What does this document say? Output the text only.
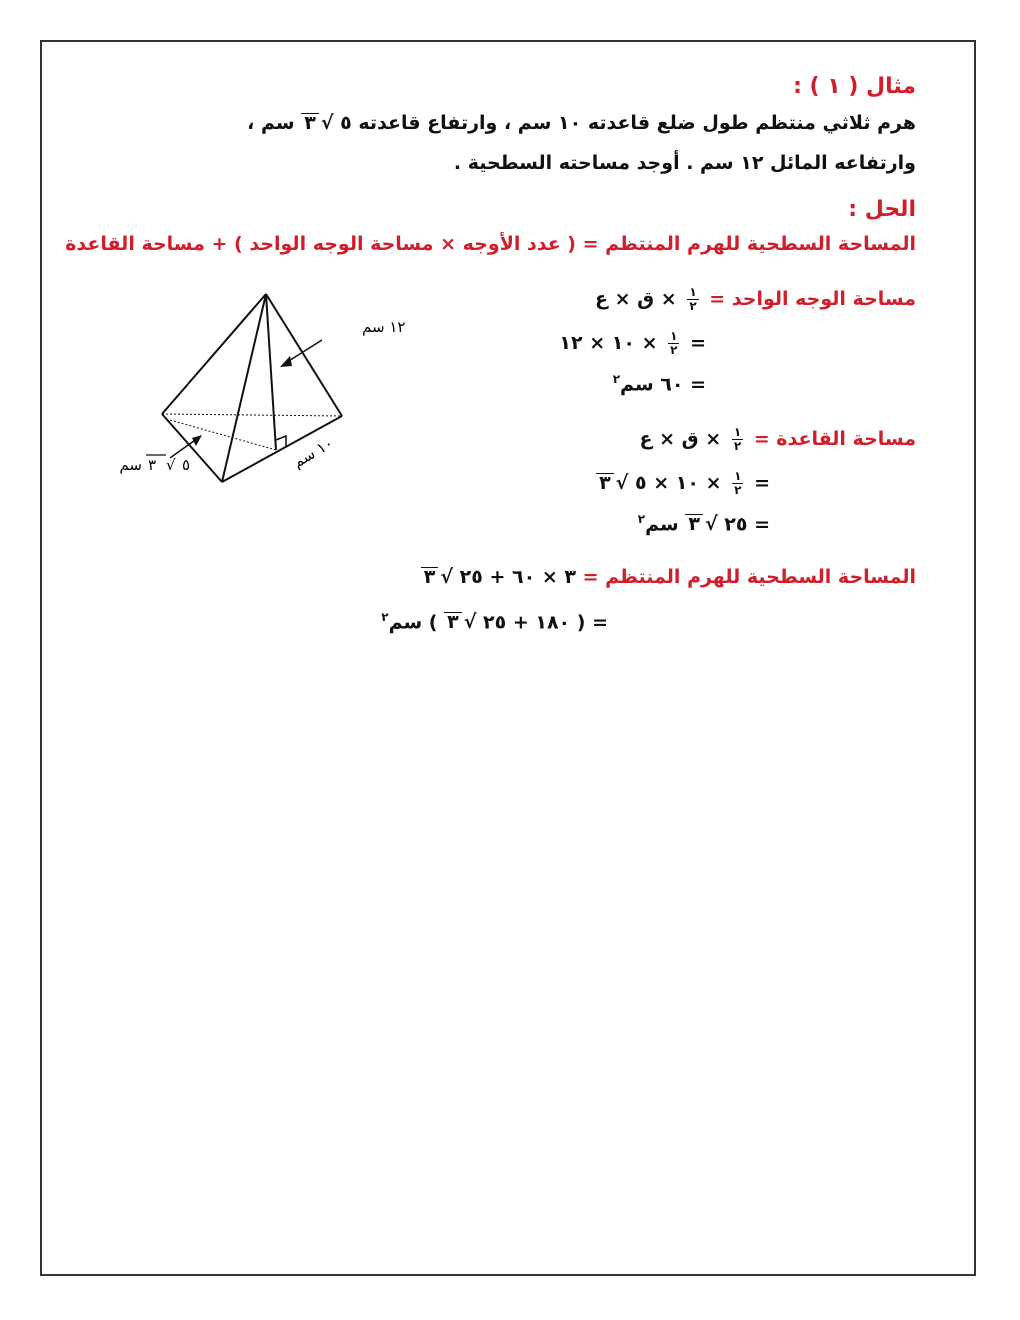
مثال ( ١ ) :
هرم ثلاثي منتظم طول ضلع قاعدته ١٠ سم ، وارتفاع قاعدته ٥ √٣ سم ،
وارتفاعه المائل ١٢ سم . أوجد مساحته السطحية .
الحل :
المساحة السطحية للهرم المنتظم = ( عدد الأوجه × مساحة الوجه الواحد ) + مساحة القاعدة
مساحة الوجه الواحد =
$\frac{١}{٢}$
× ق × ع
=
$\frac{١}{٢}$
× ١٠ × ١٢
= ٦٠ سم$^٢$
مساحة القاعدة =
$\frac{١}{٢}$
× ق × ع
=
$\frac{١}{٢}$
× ١٠ × ٥ √٣
= ٢٥ √٣ سم$^٢$
المساحة السطحية للهرم المنتظم = ٣ × ٦٠ + ٢٥ √٣
= ( ١٨٠ + ٢٥ √٣ ) سم$^٢$
١٢ سم
١٠ سم
٥
√
٣
سم
